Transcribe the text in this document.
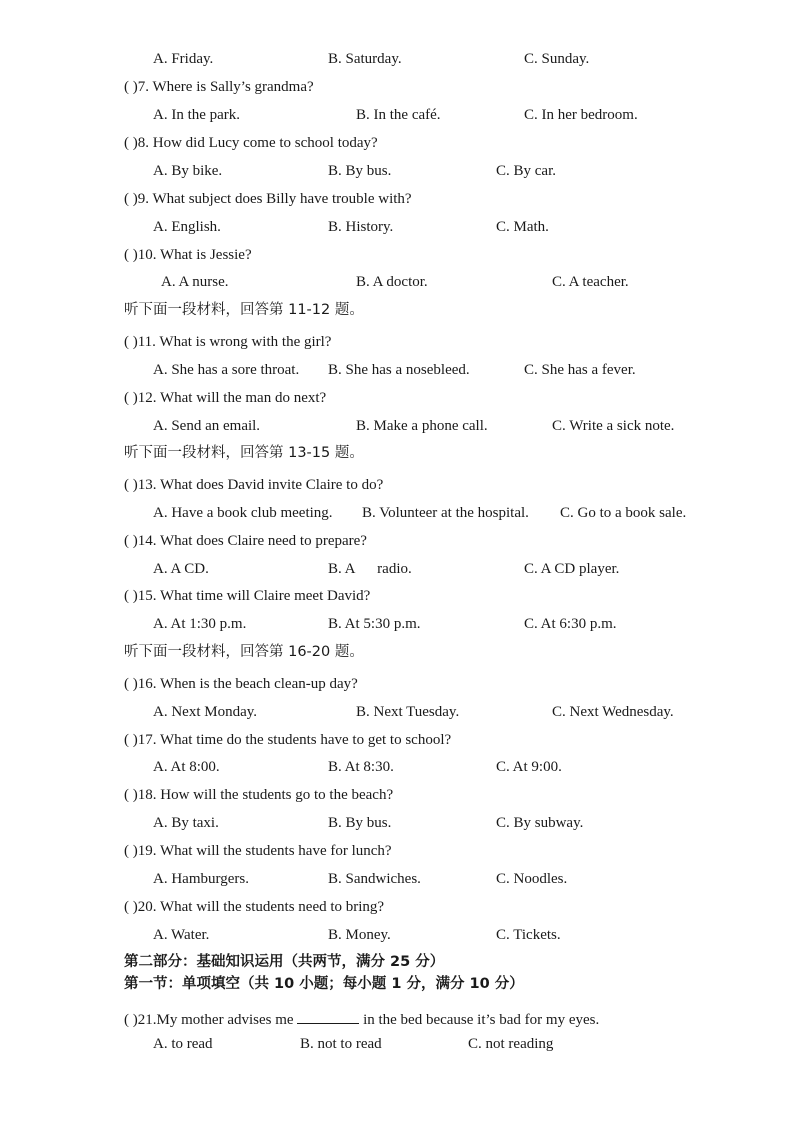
A. Friday.	B. Saturday.	C. Sunday.
( )7. Where is Sally’s grandma?
A. In the park.	B. In the café.	C. In her bedroom.
( )8. How did Lucy come to school today?
A. By bike.	B. By bus.	C. By car.
( )9. What subject does Billy have trouble with?
A. English.	B. History.	C. Math.
( )10. What is Jessie?
A. A nurse.	B. A doctor.	C. A teacher.
听下面一段材料，回答第 11-12 题。
( )11. What is wrong with the girl?
A. She has a sore throat. B. She has a nosebleed.	C. She has a fever.
( )12. What will the man do next?
A. Send an email.	B. Make a phone call.	C. Write a sick note.
听下面一段材料，回答第 13-15 题。
( )13. What does David invite Claire to do?
A. Have a book club meeting. B. Volunteer at the hospital. C. Go to a book sale.
( )14. What does Claire need to prepare?
A. A CD.	B. A      radio.	C. A CD player.
( )15. What time will Claire meet David?
A. At 1:30 p.m.	B. At 5:30 p.m.	C. At 6:30 p.m.
听下面一段材料，回答第 16-20 题。
( )16. When is the beach clean-up day?
A. Next Monday.	B. Next Tuesday.	C. Next Wednesday.
( )17. What time do the students have to get to school?
A. At 8:00.	B. At 8:30.	C. At 9:00.
( )18. How will the students go to the beach?
A. By taxi.	B. By bus.	C. By subway.
( )19. What will the students have for lunch?
A. Hamburgers.	B. Sandwiches.	C. Noodles.
( )20. What will the students need to bring?
A. Water.	B. Money.	C. Tickets.
第二部分：基础知识运用（共两节，满分 25 分）
第一节：单项填空（共 10 小题；每小题 1 分，满分 10 分）
( )21.My mother advises me	in the bed because it’s bad for my eyes.
A. to read	B. not to read	C. not reading
